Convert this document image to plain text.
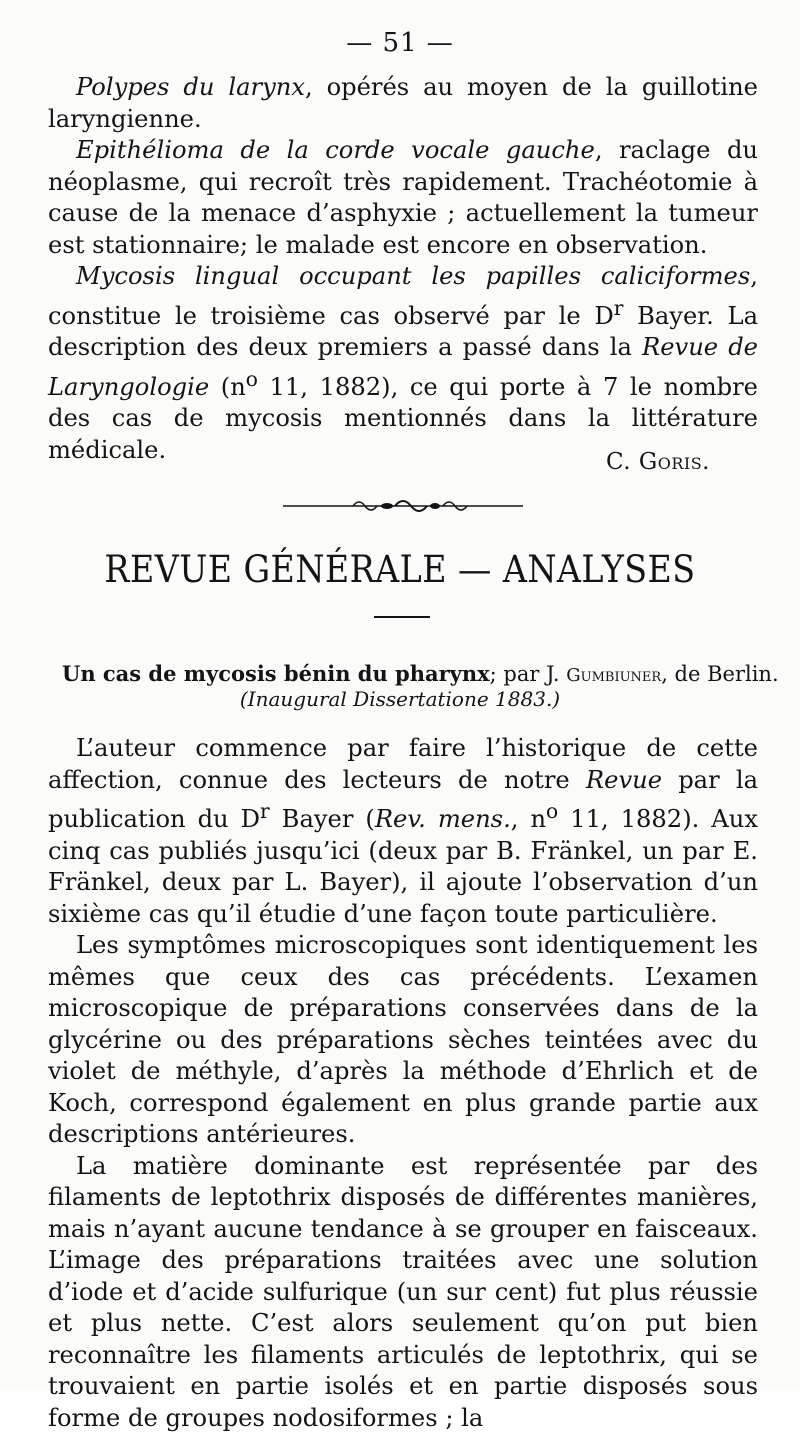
— 51 —

Polypes du larynx, opérés au moyen de la guillotine laryngienne.

Epithélioma de la corde vocale gauche, raclage du néoplasme, qui recroît très rapidement. Trachéotomie à cause de la menace d’asphyxie ; actuellement la tumeur est stationnaire; le malade est encore en observation.

Mycosis lingual occupant les papilles caliciformes, constitue le troisième cas observé par le $D^r$ Bayer. La description des deux premiers a passé dans la Revue de Laryngologie ($n^o$ 11, 1882), ce qui porte à 7 le nombre des cas de mycosis mentionnés dans la littérature médicale.	C. Goris.
REVUE GÉNÉRALE — ANALYSES
Un cas de mycosis bénin du pharynx; par J. Gumbiuner, de Berlin.
(Inaugural Dissertatione 1883.)

L’auteur commence par faire l’historique de cette affection, connue des lecteurs de notre Revue par la publication du $D^r$ Bayer (Rev. mens., $n^o$ 11, 1882). Aux cinq cas publiés jusqu’ici (deux par B. Fränkel, un par E. Fränkel, deux par L. Bayer), il ajoute l’observation d’un sixième cas qu’il étudie d’une façon toute particulière.

Les symptômes microscopiques sont identiquement les mêmes que ceux des cas précédents. L’examen microscopique de préparations conservées dans de la glycérine ou des préparations sèches teintées avec du violet de méthyle, d’après la méthode d’Ehrlich et de Koch, correspond également en plus grande partie aux descriptions antérieures.

La matière dominante est représentée par des filaments de leptothrix disposés de différentes manières, mais n’ayant aucune tendance à se grouper en faisceaux. L’image des préparations traitées avec une solution d’iode et d’acide sulfurique (un sur cent) fut plus réussie et plus nette. C’est alors seulement qu’on put bien reconnaître les filaments articulés de leptothrix, qui se trouvaient en partie isolés et en partie disposés sous forme de groupes nodosiformes ; la
